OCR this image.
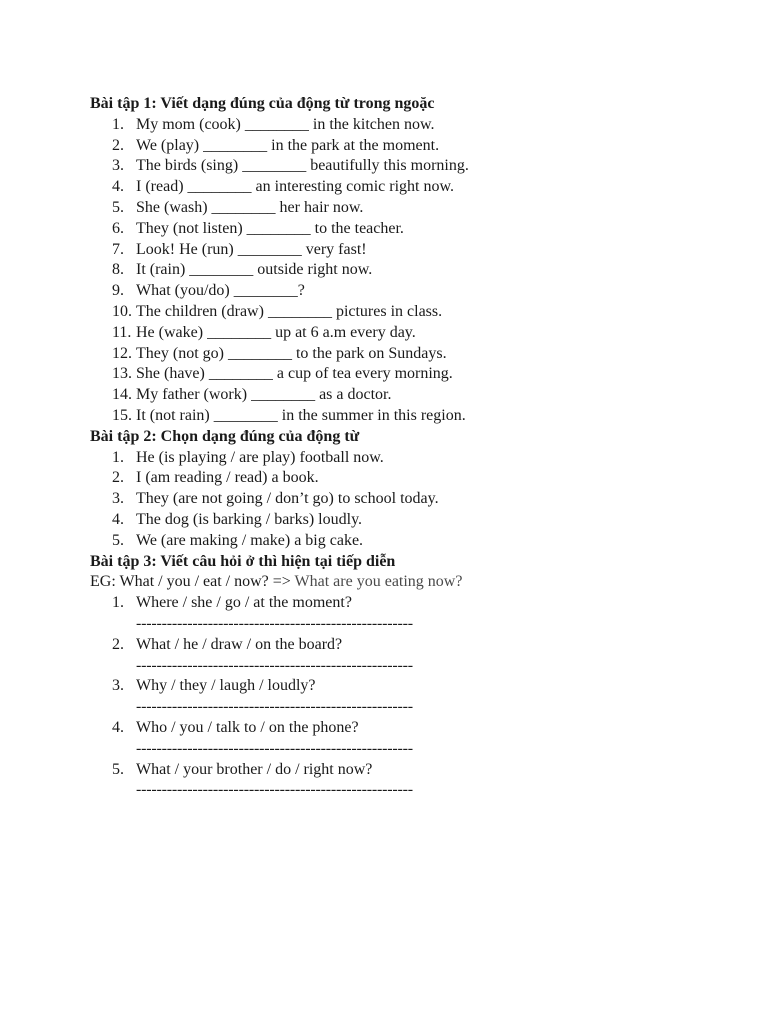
Bài tập 1: Viết dạng đúng của động từ trong ngoặc

1. My mom (cook) ________ in the kitchen now.
2. We (play) ________ in the park at the moment.
3. The birds (sing) ________ beautifully this morning.
4. I (read) ________ an interesting comic right now.
5. She (wash) ________ her hair now.
6. They (not listen) ________ to the teacher.
7. Look! He (run) ________ very fast!
8. It (rain) ________ outside right now.
9. What (you/do) ________?
10. The children (draw) ________ pictures in class.
11. He (wake) ________ up at 6 a.m every day.
12. They (not go) ________ to the park on Sundays.
13. She (have) ________ a cup of tea every morning.
14. My father (work) ________ as a doctor.
15. It (not rain) ________ in the summer in this region.

Bài tập 2: Chọn dạng đúng của động từ

1. He (is playing / are play) football now.
2. I (am reading / read) a book.
3. They (are not going / don’t go) to school today.
4. The dog (is barking / barks) loudly.
5. We (are making / make) a big cake.

Bài tập 3: Viết câu hỏi ở thì hiện tại tiếp diễn

EG: What / you / eat / now? => What are you eating now?
1. Where / she / go / at the moment?
------------------------------------------------------
2. What / he / draw / on the board?
------------------------------------------------------
3. Why / they / laugh / loudly?
------------------------------------------------------
4. Who / you / talk to / on the phone?
------------------------------------------------------
5. What / your brother / do / right now?
------------------------------------------------------
